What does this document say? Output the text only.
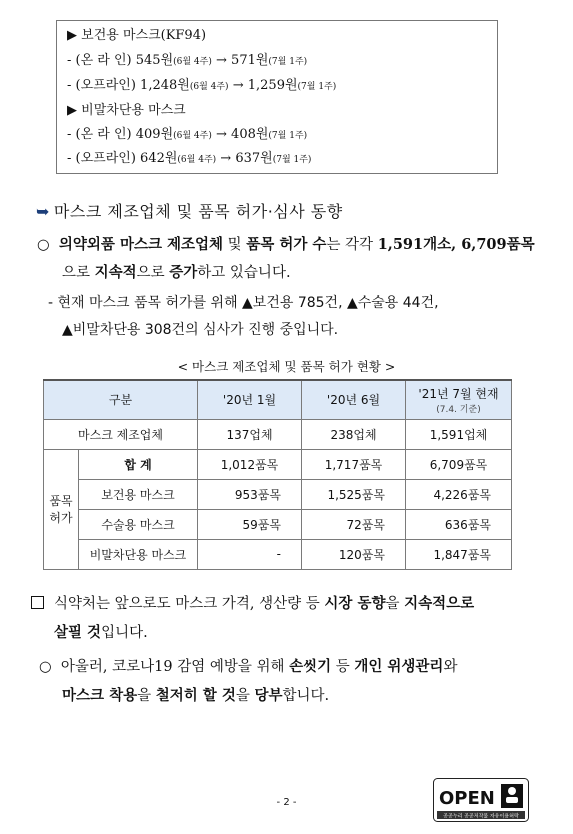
▶ 보건용 마스크(KF94)
- (온 라 인) 545원(6월 4주) → 571원(7월 1주)
- (오프라인) 1,248원(6월 4주) → 1,259원(7월 1주)
▶ 비말차단용 마스크
- (온 라 인) 409원(6월 4주) → 408원(7월 1주)
- (오프라인) 642원(6월 4주) → 637원(7월 1주)
➥ 마스크 제조업체 및 품목 허가·심사 동향
○ 의약외품 마스크 제조업체 및 품목 허가 수는 각각 1,591개소, 6,709품목
으로 지속적으로 증가하고 있습니다.
- 현재 마스크 품목 허가를 위해 ▲보건용 785건, ▲수술용 44건,
▲비말차단용 308건의 심사가 진행 중입니다.
< 마스크 제조업체 및 품목 허가 현황 >
구분		'20년 1월	'20년 6월	'21년 7월 현재
(7.4. 기준)

마스크 제조업체		137업체	238업체	1,591업체

품목
허가	합 계	1,012품목	1,717품목	6,709품목
	보건용 마스크	953품목	1,525품목	4,226품목
	수술용 마스크	59품목	72품목	636품목
	비말차단용 마스크	-	120품목	1,847품목
식약처는 앞으로도 마스크 가격, 생산량 등 시장 동향을 지속적으로
살필 것입니다.
○ 아울러, 코로나19 감염 예방을 위해 손씻기 등 개인 위생관리와
마스크 착용을 철저히 할 것을 당부합니다.
- 2 -	OPEN
공공누리 공공저작물 자유이용허락
